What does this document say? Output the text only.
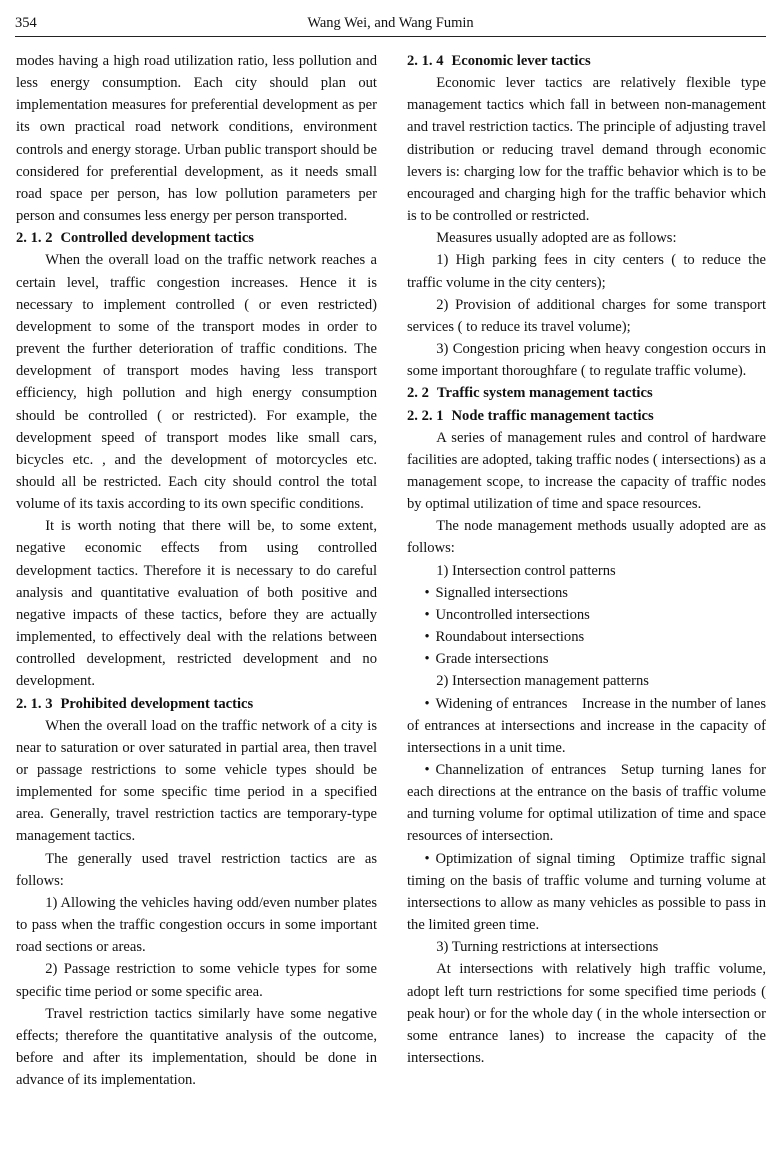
354	Wang Wei, and Wang Fumin

modes having a high road utilization ratio, less pollution and less energy consumption. Each city should plan out implementation measures for preferential development as per its own practical road network conditions, environment controls and energy storage. Urban public transport should be considered for preferential development, as it needs small road space per person, has low pollution parameters per person and consumes less energy per person transported.

2. 1. 2 Controlled development tactics

When the overall load on the traffic network reaches a certain level, traffic congestion increases. Hence it is necessary to implement controlled ( or even restricted) development to some of the transport modes in order to prevent the further deterioration of traffic conditions. The development of transport modes having less transport efficiency, high pollution and high energy consumption should be controlled ( or restricted). For example, the development speed of transport modes like small cars, bicycles etc. , and the development of motorcycles etc. should all be restricted. Each city should control the total volume of its taxis according to its own specific conditions.

It is worth noting that there will be, to some extent, negative economic effects from using controlled development tactics. Therefore it is necessary to do careful analysis and quantitative evaluation of both positive and negative impacts of these tactics, before they are actually implemented, to effectively deal with the relations between controlled development, restricted development and no development.

2. 1. 3 Prohibited development tactics

When the overall load on the traffic network of a city is near to saturation or over saturated in partial area, then travel or passage restrictions to some vehicle types should be implemented for some specific time period in a specified area. Generally, travel restriction tactics are temporary-type management tactics.

The generally used travel restriction tactics are as follows:

1) Allowing the vehicles having odd/even number plates to pass when the traffic congestion occurs in some important road sections or areas.

2) Passage restriction to some vehicle types for some specific time period or some specific area.

Travel restriction tactics similarly have some negative effects; therefore the quantitative analysis of the outcome, before and after its implementation, should be done in advance of its implementation.

2. 1. 4 Economic lever tactics

Economic lever tactics are relatively flexible type management tactics which fall in between non-management and travel restriction tactics. The principle of adjusting travel distribution or reducing travel demand through economic levers is: charging low for the traffic behavior which is to be encouraged and charging high for the traffic behavior which is to be controlled or restricted.

Measures usually adopted are as follows:

1) High parking fees in city centers ( to reduce the traffic volume in the city centers);

2) Provision of additional charges for some transport services ( to reduce its travel volume);

3) Congestion pricing when heavy congestion occurs in some important thoroughfare ( to regulate traffic volume).

2. 2 Traffic system management tactics

2. 2. 1 Node traffic management tactics

A series of management rules and control of hardware facilities are adopted, taking traffic nodes ( intersections) as a management scope, to increase the capacity of traffic nodes by optimal utilization of time and space resources.

The node management methods usually adopted are as follows:

1) Intersection control patterns

• Signalled intersections

• Uncontrolled intersections

• Roundabout intersections

• Grade intersections

2) Intersection management patterns

• Widening of entrances Increase in the number of lanes of entrances at intersections and increase in the capacity of intersections in a unit time.

• Channelization of entrances Setup turning lanes for each directions at the entrance on the basis of traffic volume and turning volume for optimal utilization of time and space resources of intersection.

• Optimization of signal timing Optimize traffic signal timing on the basis of traffic volume and turning volume at intersections to allow as many vehicles as possible to pass in the limited green time.

3) Turning restrictions at intersections

At intersections with relatively high traffic volume, adopt left turn restrictions for some specified time periods ( peak hour) or for the whole day ( in the whole intersection or some entrance lanes) to increase the capacity of the intersections.
